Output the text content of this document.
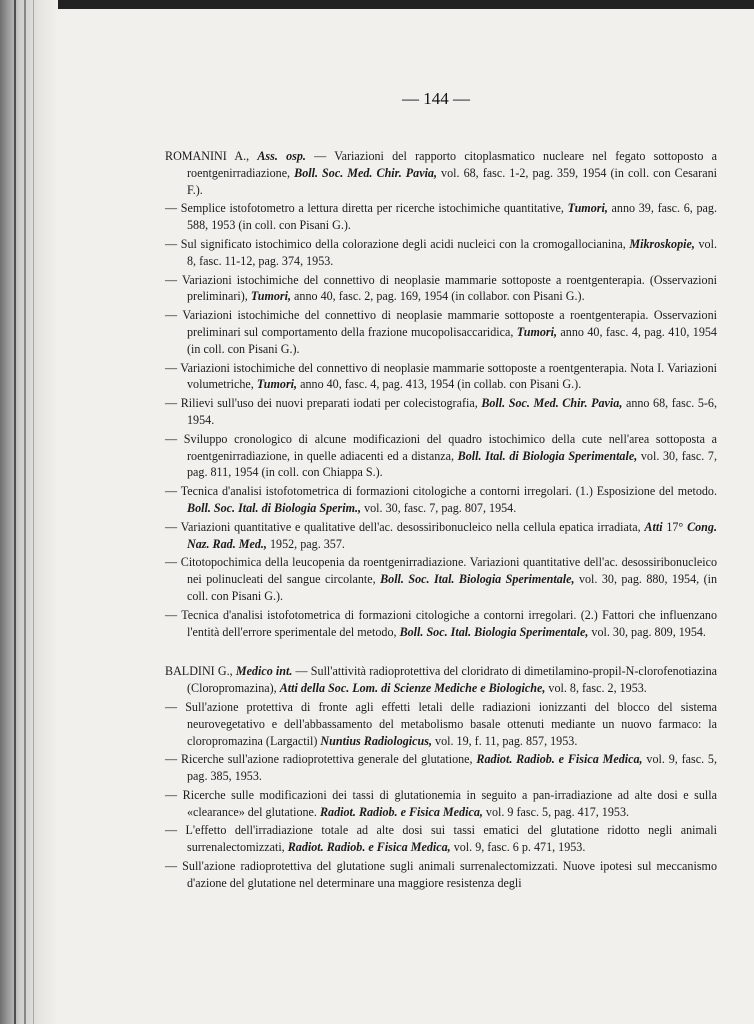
— 144 —
ROMANINI A., Ass. osp. — Variazioni del rapporto citoplasmatico nucleare nel fegato sottoposto a roentgenirradiazione, Boll. Soc. Med. Chir. Pavia, vol. 68, fasc. 1-2, pag. 359, 1954 (in coll. con Cesarani F.).
— Semplice istofotometro a lettura diretta per ricerche istochimiche quantitative, Tumori, anno 39, fasc. 6, pag. 588, 1953 (in coll. con Pisani G.).
— Sul significato istochimico della colorazione degli acidi nucleici con la cromogallocianina, Mikroskopie, vol. 8, fasc. 11-12, pag. 374, 1953.
— Variazioni istochimiche del connettivo di neoplasie mammarie sottoposte a roentgenterapia. (Osservazioni preliminari), Tumori, anno 40, fasc. 2, pag. 169, 1954 (in collabor. con Pisani G.).
— Variazioni istochimiche del connettivo di neoplasie mammarie sottoposte a roentgenterapia. Osservazioni preliminari sul comportamento della frazione mucopolisaccaridica, Tumori, anno 40, fasc. 4, pag. 410, 1954 (in coll. con Pisani G.).
— Variazioni istochimiche del connettivo di neoplasie mammarie sottoposte a roentgenterapia. Nota I. Variazioni volumetriche, Tumori, anno 40, fasc. 4, pag. 413, 1954 (in collab. con Pisani G.).
— Rilievi sull'uso dei nuovi preparati iodati per colecistografia, Boll. Soc. Med. Chir. Pavia, anno 68, fasc. 5-6, 1954.
— Sviluppo cronologico di alcune modificazioni del quadro istochimico della cute nell'area sottoposta a roentgenirradiazione, in quelle adiacenti ed a distanza, Boll. Ital. di Biologia Sperimentale, vol. 30, fasc. 7, pag. 811, 1954 (in coll. con Chiappa S.).
— Tecnica d'analisi istofotometrica di formazioni citologiche a contorni irregolari. (1.) Esposizione del metodo. Boll. Soc. Ital. di Biologia Sperim., vol. 30, fasc. 7, pag. 807, 1954.
— Variazioni quantitative e qualitative dell'ac. desossiribonucleico nella cellula epatica irradiata, Atti 17° Cong. Naz. Rad. Med., 1952, pag. 357.
— Citotopochimica della leucopenia da roentgenirradiazione. Variazioni quantitative dell'ac. desossiribonucleico nei polinucleati del sangue circolante, Boll. Soc. Ital. Biologia Sperimentale, vol. 30, pag. 880, 1954, (in coll. con Pisani G.).
— Tecnica d'analisi istofotometrica di formazioni citologiche a contorni irregolari. (2.) Fattori che influenzano l'entità dell'errore sperimentale del metodo, Boll. Soc. Ital. Biologia Sperimentale, vol. 30, pag. 809, 1954.
BALDINI G., Medico int. — Sull'attività radioprotettiva del cloridrato di dimetilamino-propil-N-clorofenotiazina (Cloropromazina), Atti della Soc. Lom. di Scienze Mediche e Biologiche, vol. 8, fasc. 2, 1953.
— Sull'azione protettiva di fronte agli effetti letali delle radiazioni ionizzanti del blocco del sistema neurovegetativo e dell'abbassamento del metabolismo basale ottenuti mediante un nuovo farmaco: la cloropromazina (Largactil) Nuntius Radiologicus, vol. 19, f. 11, pag. 857, 1953.
— Ricerche sull'azione radioprotettiva generale del glutatione, Radiot. Radiob. e Fisica Medica, vol. 9, fasc. 5, pag. 385, 1953.
— Ricerche sulle modificazioni dei tassi di glutationemia in seguito a pan-irradiazione ad alte dosi e sulla «clearance» del glutatione. Radiot. Radiob. e Fisica Medica, vol. 9 fasc. 5, pag. 417, 1953.
— L'effetto dell'irradiazione totale ad alte dosi sui tassi ematici del glutatione ridotto negli animali surrenalectomizzati, Radiot. Radiob. e Fisica Medica, vol. 9, fasc. 6 p. 471, 1953.
— Sull'azione radioprotettiva del glutatione sugli animali surrenalectomizzati. Nuove ipotesi sul meccanismo d'azione del glutatione nel determinare una maggiore resistenza degli
